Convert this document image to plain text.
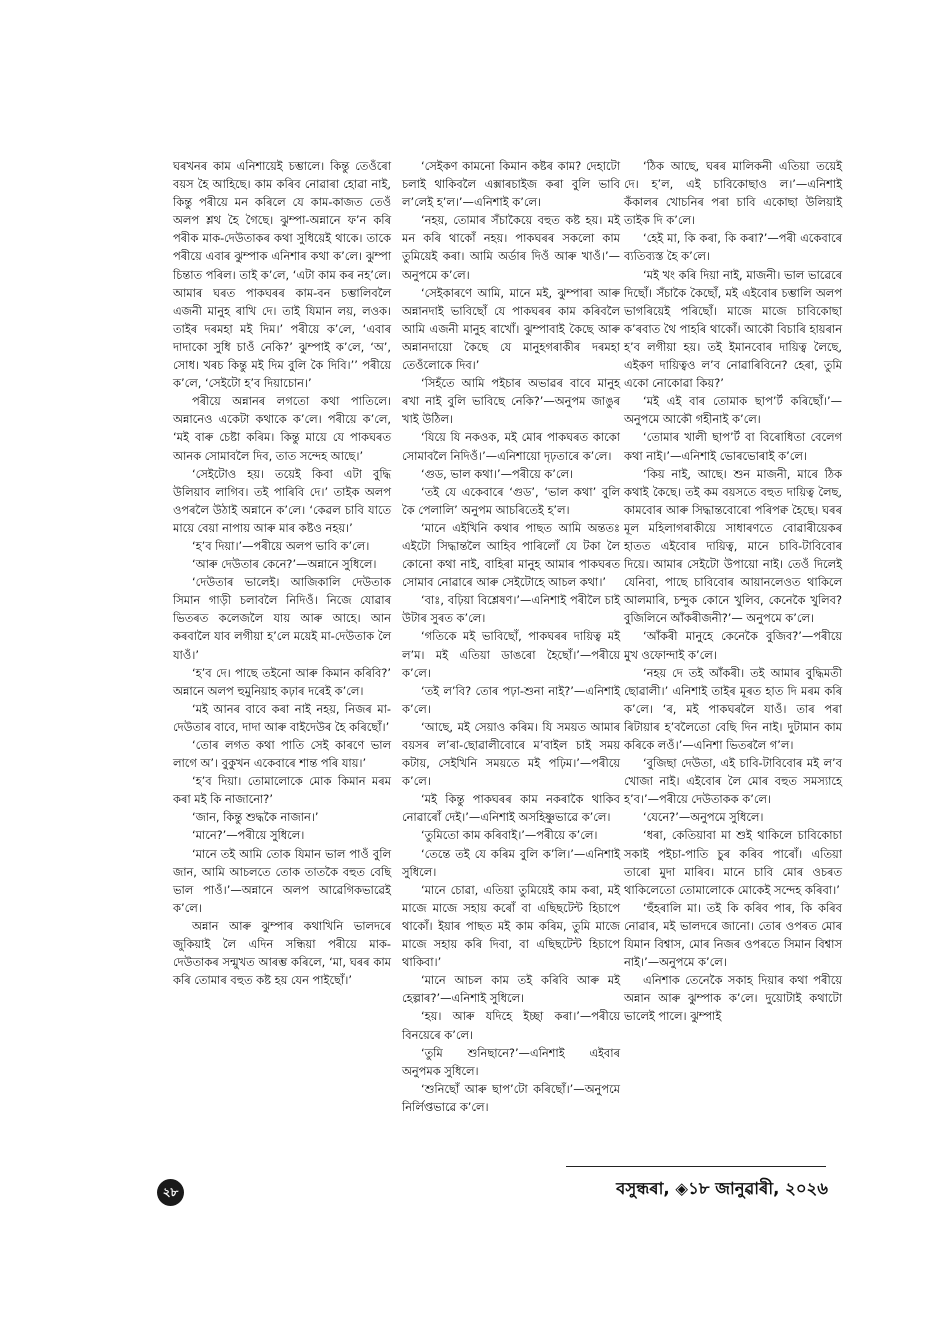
ঘৰখনৰ কাম এনিশায়েই চম্ভালে। কিন্তু তেওঁৰো বয়স হৈ আহিছে। কাম কৰিব নোৱাৰা হোৱা নাই, কিন্তু পৰীয়ে মন কৰিলে যে কাম-কাজত তেওঁ অলপ শ্লথ হৈ গৈছে। ঝুম্পা-অন্নানে ফ’ন কৰি পৰীক মাক-দেউতাকৰ কথা সুধিয়েই থাকে। তাকে পৰীয়ে এবাৰ ঝুম্পাক এনিশাৰ কথা ক’লে। ঝুম্পা চিন্তাত পৰিল। তাই ক’লে, ‘এটা কাম কৰ নহ’লে। আমাৰ ঘৰত পাকঘৰৰ কাম-বন চম্ভালিবলৈ এজনী মানুহ ৰাখি দে। তাই যিমান লয়, লওক। তাইৰ দৰমহা মই দিম।’ পৰীয়ে ক’লে, ‘এবাৰ দাদাকো সুধি চাওঁ নেকি?’ ঝুম্পাই ক’লে, ‘অ’, সোধ। খৰচ কিন্তু মই দিম বুলি কৈ দিবি।’’ পৰীয়ে ক’লে, ‘সেইটো হ’ব দিয়াচোন।’

পৰীয়ে অন্নানৰ লগতো কথা পাতিলে। অন্নানেও একেটা কথাকে ক’লে। পৰীয়ে ক’লে, ‘মই বাৰু চেষ্টা কৰিম। কিন্তু মায়ে যে পাকঘৰত আনক সোমাবলৈ দিব, তাত সন্দেহ আছে।’

‘সেইটোও হয়। তয়েই কিবা এটা বুদ্ধি উলিয়াব লাগিব। তই পাৰিবি দে।’ তাইক অলপ ওপৰলৈ উঠাই অন্নানে ক’লে। ‘কেৱল চাবি যাতে মায়ে বেয়া নাপায় আৰু মাৰ কষ্টও নহয়।’

‘হ’ব দিয়া।’—পৰীয়ে অলপ ভাবি ক’লে।

‘আৰু দেউতাৰ কেনে?’—অন্নানে সুধিলে।

‘দেউতাৰ ভালেই। আজিকালি দেউতাক সিমান গাড়ী চলাবলৈ নিদিওঁ। নিজে যোৱাৰ ভিতৰত কলেজলৈ যায় আৰু আহে। আন কৰবালৈ যাব লগীয়া হ’লে ময়েই মা-দেউতাক লৈ যাওঁ।’

‘হ’ব দে। পাছে তইনো আৰু কিমান কৰিবি?’ অন্নানে অলপ হুমুনিয়াহ কঢ়াৰ দৰেই ক’লে।

‘মই আনৰ বাবে কৰা নাই নহয়, নিজৰ মা-দেউতাৰ বাবে, দাদা আৰু বাইদেউৰ হৈ কৰিছোঁ।’

‘তোৰ লগত কথা পাতি সেই কাৰণে ভাল লাগে অ’। বুকুখন একেবাৰে শান্ত পৰি যায়।’

‘হ’ব দিয়া। তোমালোকে মোক কিমান মৰম কৰা মই কি নাজানো?’

‘জান, কিন্তু শুদ্ধকৈ নাজান।’

‘মানে?’—পৰীয়ে সুধিলে।

‘মানে তই আমি তোক যিমান ভাল পাওঁ বুলি জান, আমি আচলতে তোক তাতকৈ বহুত বেছি ভাল পাওঁ।’—অন্নানে অলপ আৱেগিকভাৱেই ক’লে।

অন্নান আৰু ঝুম্পাৰ কথাখিনি ভালদৰে জুকিয়াই লৈ এদিন সন্ধিয়া পৰীয়ে মাক-দেউতাকৰ সন্মুখত আৰম্ভ কৰিলে, ‘মা, ঘৰৰ কাম কৰি তোমাৰ বহুত কষ্ট হয় যেন পাইছোঁ।’

‘সেইকণ কামনো কিমান কষ্টৰ কাম? দেহাটো চলাই থাকিবলৈ এক্সাৰচাইজ কৰা বুলি ভাবি ল’লেই হ’ল।’—এনিশাই ক’লে।

‘নহয়, তোমাৰ সঁচাকৈয়ে বহুত কষ্ট হয়। মই মন কৰি থাকোঁ নহয়। পাকঘৰৰ সকলো কাম তুমিয়েই কৰা। আমি অৰ্ডাৰ দিওঁ আৰু খাওঁ।’—অনুপমে ক’লে।

‘সেইকাৰণে আমি, মানে মই, ঝুম্পাৰা আৰু অন্নানদাই ভাবিছোঁ যে পাকঘৰৰ কাম কৰিবলৈ আমি এজনী মানুহ ৰাখোঁ। ঝুম্পাবাই কৈছে আৰু অন্নানদায়ো কৈছে যে মানুহগৰাকীৰ দৰমহা তেওঁলোকে দিব।’

‘সিহঁতে আমি পইচাৰ অভাৱৰ বাবে মানুহ ৰখা নাই বুলি ভাবিছে নেকি?’—অনুপম জাঙুৰ খাই উঠিল।

‘যিয়ে যি নকওক, মই মোৰ পাকঘৰত কাকো সোমাবলৈ নিদিওঁ।’—এনিশায়ো দৃঢ়তাৰে ক’লে।

‘গুড, ভাল কথা।’—পৰীয়ে ক’লে।

‘তই যে একেবাৰে ‘গুড’, ‘ভাল কথা’ বুলি কৈ পেলালি’ অনুপম আচৰিতেই হ’ল।

‘মানে এইখিনি কথাৰ পাছত আমি অন্ততঃ এইটো সিদ্ধান্তলৈ আহিব পাৰিলোঁ যে টকা লৈ কোনো কথা নাই, বাহিৰা মানুহ আমাৰ পাকঘৰত সোমাব নোৱাৰে আৰু সেইটোহে আচল কথা।’

‘বাঃ, বঢ়িয়া বিশ্লেষণ।’—এনিশাই পৰীলৈ চাই উটাৰ সুৰত ক’লে।

‘গতিকে মই ভাবিছোঁ, পাকঘৰৰ দায়িত্ব মই ল’ম। মই এতিয়া ডাঙৰো হৈছোঁ।’—পৰীয়ে ক’লে।

‘তই ল’বি? তোৰ পঢ়া-শুনা নাই?’—এনিশাই ক’লে।

‘আছে, মই সেয়াও কৰিম। যি সময়ত আমাৰ বয়সৰ ল’ৰা-ছোৱালীবোৰে ম’বাইল চাই সময় কটায়, সেইখিনি সময়তে মই পঢ়িম।’—পৰীয়ে ক’লে।

‘মই কিন্তু পাকঘৰৰ কাম নকৰাকৈ থাকিব নোৱাৰোঁ দেই।’—এনিশাই অসহিষ্ণুভাৱে ক’লে।

‘তুমিতো কাম কৰিবাই।’—পৰীয়ে ক’লে।

‘তেন্তে তই যে কৰিম বুলি ক’লি।’—এনিশাই সুধিলে।

‘মানে চোৱা, এতিয়া তুমিয়েই কাম কৰা, মই মাজে মাজে সহায় কৰোঁ বা এছিছটেন্ট হিচাপে থাকোঁ। ইয়াৰ পাছত মই কাম কৰিম, তুমি মাজে মাজে সহায় কৰি দিবা, বা এছিছটেন্ট হিচাপে থাকিবা।’

‘মানে আচল কাম তই কৰিবি আৰু মই হেল্পাৰ?’—এনিশাই সুধিলে।

‘হয়। আৰু যদিহে ইচ্ছা কৰা।’—পৰীয়ে বিনয়েৰে ক’লে।

‘তুমি শুনিছানে?’—এনিশাই এইবাৰ অনুপমক সুধিলে।

‘শুনিছোঁ আৰু ছাপ’টো কৰিছোঁ।’—অনুপমে নিৰ্লিপ্তভাৱে ক’লে।

‘ঠিক আছে, ঘৰৰ মালিকনী এতিয়া তয়েই দে। হ’ল, এই চাবিকোছাও ল।’—এনিশাই কঁকালৰ খোচনিৰ পৰা চাবি একোছা উলিয়াই তাইক দি ক’লে।

‘হেই মা, কি কৰা, কি কৰা?’—পৰী একেবাৰে ব্যতিব্যস্ত হৈ ক’লে।

‘মই খং কৰি দিয়া নাই, মাজনী। ভাল ভাৱেৰে দিছোঁ। সঁচাকৈ কৈছোঁ, মই এইবোৰ চম্ভালি অলপ ভাগৰিয়েই পৰিছোঁ। মাজে মাজে চাবিকোছা ক’ৰবাত থৈ পাহৰি থাকোঁ। আকৌ বিচাৰি হায়ৰান হ’ব লগীয়া হয়। তই ইমানবোৰ দায়িত্ব লৈছে, এইকণ দায়িত্বও ল’ব নোৱাৰিবিনে? হেৰা, তুমি একো নোকোৱা কিয়?’

‘মই এই বাৰ তোমাক ছাপ’ৰ্ট কৰিছোঁ।’— অনুপমে আকৌ গহীনাই ক’লে।

‘তোমাৰ খালী ছাপ’ৰ্ট বা বিৰোধিতা বেলেগ কথা নাই।’—এনিশাই ভোৰভোৰাই ক’লে।

‘কিয় নাই, আছে। শুন মাজনী, মাৰে ঠিক কথাই কৈছে। তই কম বয়সতে বহুত দায়িত্ব লৈছ, কামবোৰ আৰু সিদ্ধান্তবোৰো পৰিপক্ব হৈছে। ঘৰৰ মূল মহিলাগৰাকীয়ে সাধাৰণতে বোৱাৰীয়েকৰ হাতত এইবোৰ দায়িত্ব, মানে চাবি-টাবিবোৰ দিয়ে। আমাৰ সেইটো উপায়ো নাই। তেওঁ দিলেই যেনিবা, পাছে চাবিবোৰ আয়ানলেওত থাকিলে আলমাৰি, চন্দুক কোনে খুলিব, কেনেকৈ খুলিব? বুজিলিনে আঁকৰীজনী?’— অনুপমে ক’লে।

‘আঁকৰী মানুহে কেনেকৈ বুজিব?’—পৰীয়ে মুখ ওফোন্দাই ক’লে।

‘নহয় দে তই আঁকৰী। তই আমাৰ বুদ্ধিমতী ছোৱালী।’ এনিশাই তাইৰ মূৰত হাত দি মৰম কৰি ক’লে। ‘ৰ, মই পাকঘৰলৈ যাওঁ। তাৰ পৰা ৰিটায়াৰ হ’বলৈতো বেছি দিন নাই। দুটামান কাম কৰিকে লওঁ।’—এনিশা ভিতৰলৈ গ’ল।

‘বুজিছা দেউতা, এই চাবি-টাবিবোৰ মই ল’ব খোজা নাই। এইবোৰ লৈ মোৰ বহুত সমস্যাহে হ’ব।’—পৰীয়ে দেউতাকক ক’লে।

‘যেনে?’—অনুপমে সুধিলে।

‘ধৰা, কেতিয়াবা মা শুই থাকিলে চাবিকোচা সকাই পইচা-পাতি চুৰ কৰিব পাৰোঁ। এতিয়া তাৰো মুদা মাৰিব। মানে চাবি মোৰ ওচৰত থাকিলেতো তোমালোকে মোকেই সন্দেহ কৰিবা।’

‘হুঁহৰালি মা। তই কি কৰিব পাৰ, কি কৰিব নোৱাৰ, মই ভালদৰে জানো। তোৰ ওপৰত মোৰ যিমান বিশ্বাস, মোৰ নিজৰ ওপৰতে সিমান বিশ্বাস নাই।’—অনুপমে ক’লে।

এনিশাক তেনেকৈ সকাহ দিয়াৰ কথা পৰীয়ে অন্নান আৰু ঝুম্পাক ক’লে। দুয়োটাই কথাটো ভালেই পালে। ঝুম্পাই

২৮	বসুন্ধৰা, ◈১৮ জানুৱাৰী, ২০২৬
